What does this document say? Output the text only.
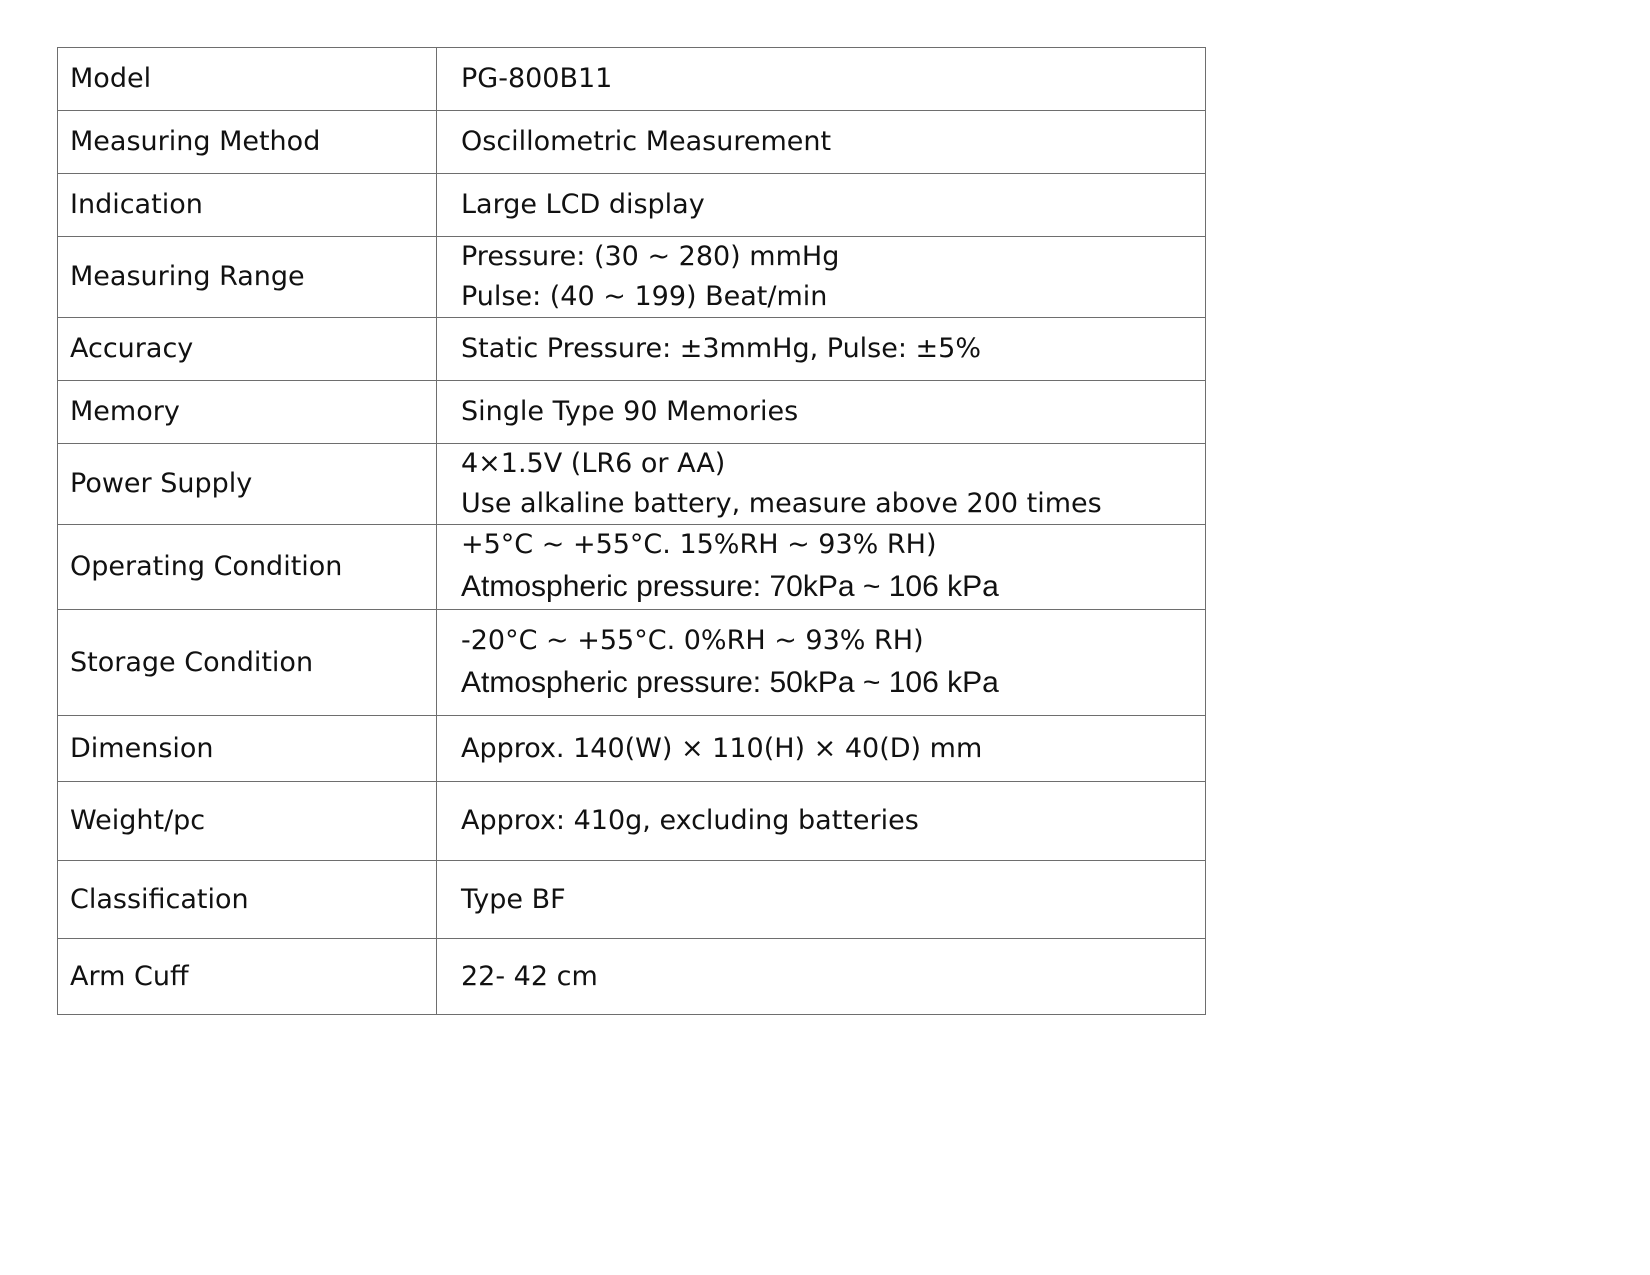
Model	PG-800B11

Measuring Method	Oscillometric Measurement

Indication	Large LCD display

Measuring Range	Pressure: (30 ~ 280) mmHg
Pulse: (40 ~ 199) Beat/min

Accuracy	Static Pressure: ±3mmHg, Pulse: ±5%

Memory	Single Type 90 Memories

Power Supply	4×1.5V (LR6 or AA)
Use alkaline battery, measure above 200 times

Operating Condition	+5°C ~ +55°C. 15%RH ~ 93% RH)
Atmospheric pressure: 70kPa ~ 106 kPa

Storage Condition	-20°C ~ +55°C. 0%RH ~ 93% RH)
Atmospheric pressure: 50kPa ~ 106 kPa

Dimension	Approx. 140(W) × 110(H) × 40(D) mm

Weight/pc	Approx: 410g, excluding batteries

Classification	Type BF

Arm Cuff	22- 42 cm
